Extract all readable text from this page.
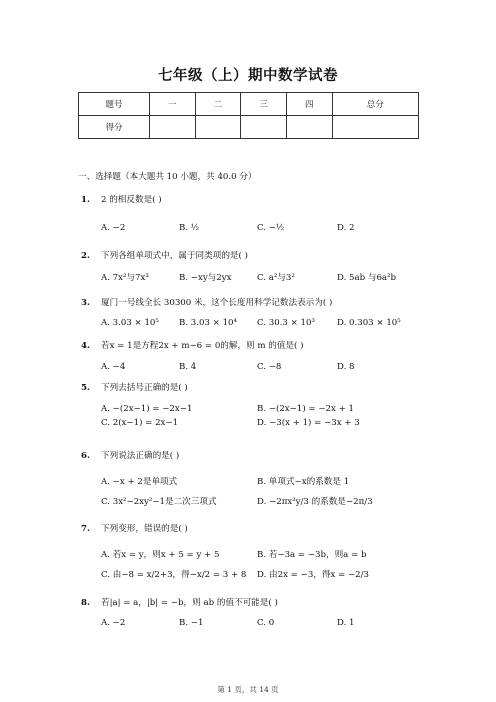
七年级（上）期中数学试卷
题号	一	二	三	四	总分
得分					
一、选择题（本大题共 10 小题，共 40.0 分）
1. 2 的相反数是( )
A. −2	B. ½	C. −½	D. 2
2. 下列各组单项式中，属于同类项的是( )
A. 7x²与7x³	B. −xy与2yx	C. a²与3²	D. 5ab 与6a²b
3. 厦门一号线全长 30300 米，这个长度用科学记数法表示为( )
A. 3.03 × 10⁵ B. 3.03 × 10⁴ C. 30.3 × 10³	D. 0.303 × 10⁵
4. 若x = 1是方程2x + m−6 = 0的解，则 m 的值是( )
A. −4	B. 4	C. −8	D. 8
5. 下列去括号正确的是( )
A. −(2x−1) = −2x−1	B. −(2x−1) = −2x + 1
C. 2(x−1) = 2x−1	D. −3(x + 1) = −3x + 3
6. 下列说法正确的是( )
A. −x + 2是单项式	B. 单项式−x的系数是 1
C. 3x²−2xy²−1是二次三项式	D. −2πx²y/3 的系数是−2π/3
7. 下列变形，错误的是( )
A. 若x = y，则x + 5 = y + 5	B. 若−3a = −3b，则a = b
C. 由−8 = x/2+3，得−x/2 = 3 + 8 D. 由2x = −3，得x = −2/3
8. 若|a| = a，|b| = −b，则 ab 的值不可能是( )
A. −2	B. −1	C. 0	D. 1
第 1 页，共 14 页
